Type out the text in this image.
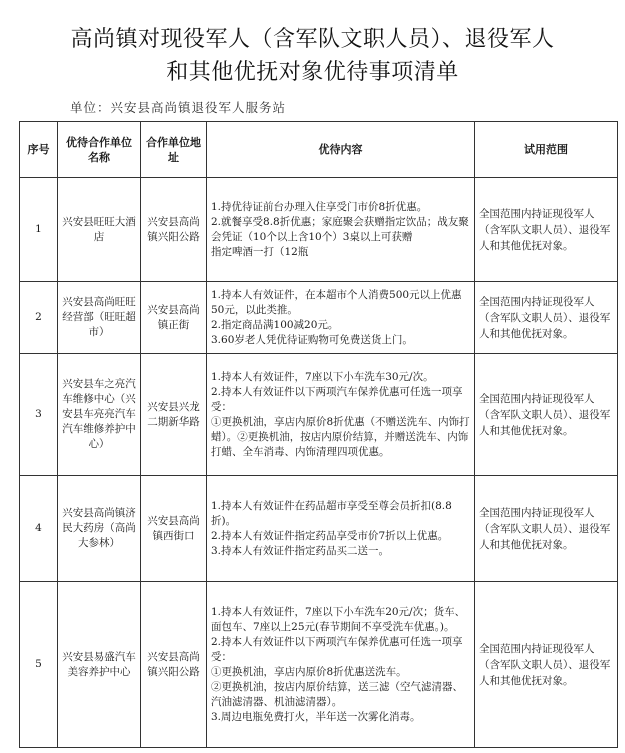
高尚镇对现役军人（含军队文职人员）、退役军人
和其他优抚对象优待事项清单
单位：兴安县高尚镇退役军人服务站
序号	优待合作单位名称	合作单位地　址	优待内容	试用范围
1	兴安县旺旺大酒店	兴安县高尚镇兴阳公路	1.持优待证前台办理入住享受门市价8折优惠。
2.就餐享受8.8折优惠；家庭聚会获赠指定饮品；战友聚会凭证（10个以上含10个）3桌以上可获赠
指定啤酒一打（12瓶	全国范围内持证现役军人（含军队文职人员）、退役军人和其他优抚对象。
2	兴安县高尚旺旺经营部（旺旺超市）	兴安县高尚镇正街	1.持本人有效证件，在本超市个人消费500元以上优惠50元，以此类推。
2.指定商品满100减20元。
3.60岁老人凭优待证购物可免费送货上门。	全国范围内持证现役军人（含军队文职人员）、退役军人和其他优抚对象。
3	兴安县车之亮汽车维修中心（兴安县车亮亮汽车汽车维修养护中心）	兴安县兴龙二期新华路	1.持本人有效证件，7座以下小车洗车30元/次。
2.持本人有效证件以下两项汽车保养优惠可任选一项享受：
①更换机油，享店内原价8折优惠（不赠送洗车、内饰打蜡）。②更换机油，按店内原价结算，并赠送洗车、内饰打蜡、全车消毒、内饰清理四项优惠。	全国范围内持证现役军人（含军队文职人员）、退役军人和其他优抚对象。
4	兴安县高尚镇济民大药房（高尚大参林）	兴安县高尚镇西街口	1.持本人有效证件在药品超市享受至尊会员折扣(8.8折)。
2.持本人有效证件指定药品享受市价7折以上优惠。
3.持本人有效证件指定药品买二送一。	全国范围内持证现役军人（含军队文职人员）、退役军人和其他优抚对象。
5	兴安县易盛汽车美容养护中心	兴安县高尚镇兴阳公路	1.持本人有效证件，7座以下小车洗车20元/次；货车、面包车、7座以上25元(春节期间不享受洗车优惠。)。
2.持本人有效证件以下两项汽车保养优惠可任选一项享受：
①更换机油，享店内原价8折优惠送洗车。
②更换机油，按店内原价结算，送三滤（空气滤清器、汽油滤清器、机油滤清器）。
3.周边电瓶免费打火，半年送一次雾化消毒。	全国范围内持证现役军人（含军队文职人员）、退役军人和其他优抚对象。
